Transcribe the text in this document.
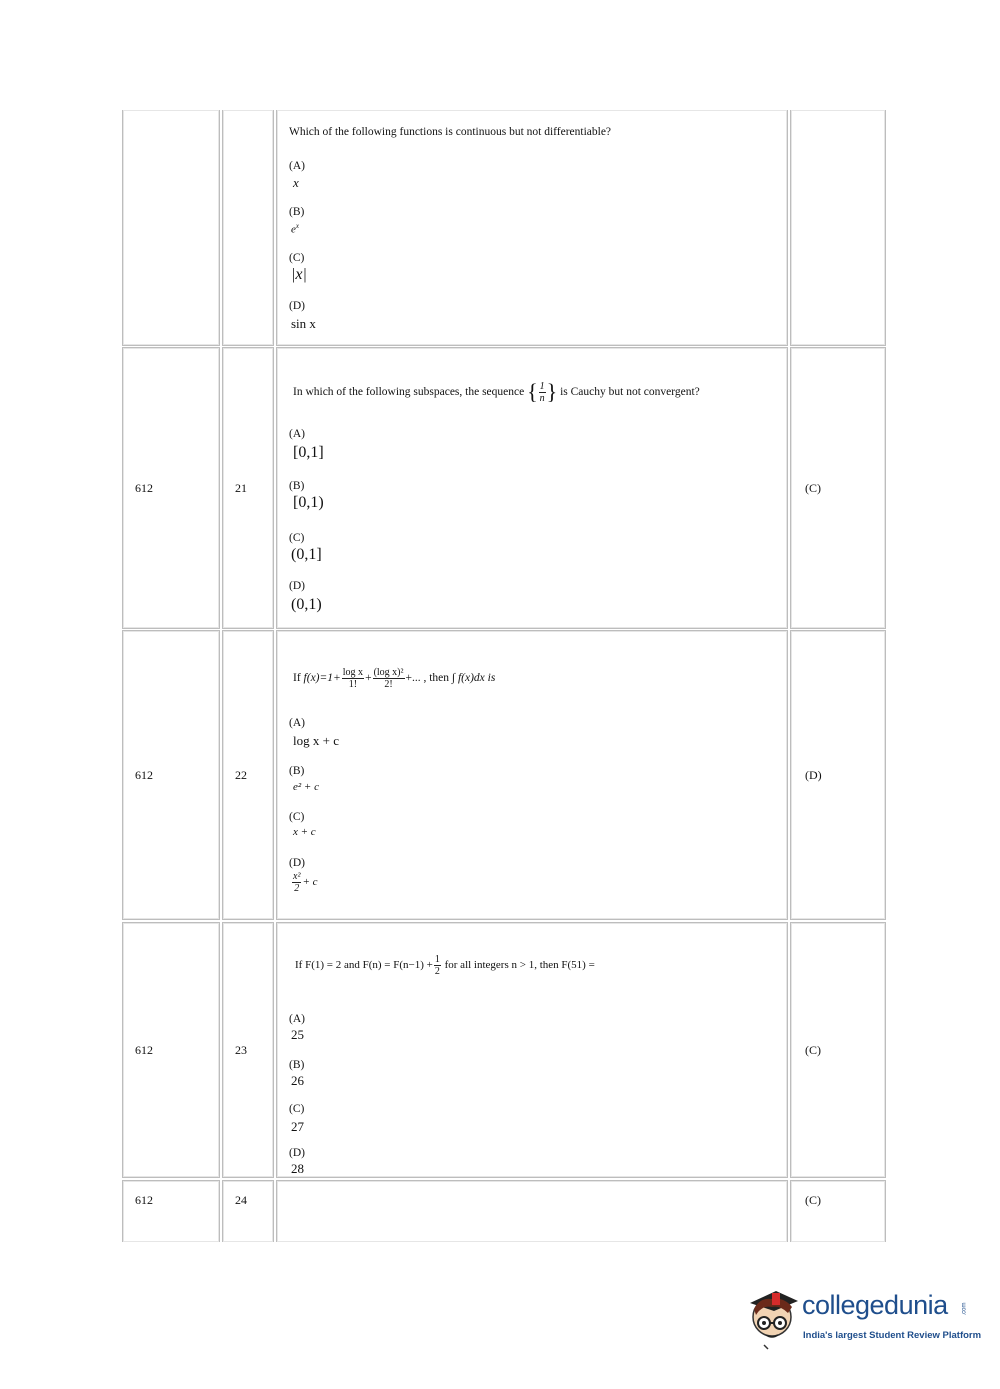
Which of the following functions is continuous but not differentiable?
(A)
x
(B)
$e^x$
(C)
|x|
(D)
sin x
612	21
In which of the following subspaces, the sequence { $\frac{1}{n}$ } is Cauchy but not convergent?
(A)
[0,1]
(B)
[0,1)
(C)
(0,1]
(D)
(0,1)
(C)
612	22
If $f(x)=1+ \frac{\text{log x}}{1!} + \frac{\text{(log x)²}}{2!}$ +... , then ∫ f(x)dx is
(A)
log x + c
(B)
e² + c
(C)
x + c
(D)
$\frac{\text{x²}}{2} + c$
(D)
612	23
If F(1) = 2 and $F(n) = F(n-1) + \frac{1}{2}$ for all integers n > 1, then F(51) =
(A)
25
(B)
26
(C)
27
(D)
28
(C)
612	24	(C)
collegedunia .com
India's largest Student Review Platform
